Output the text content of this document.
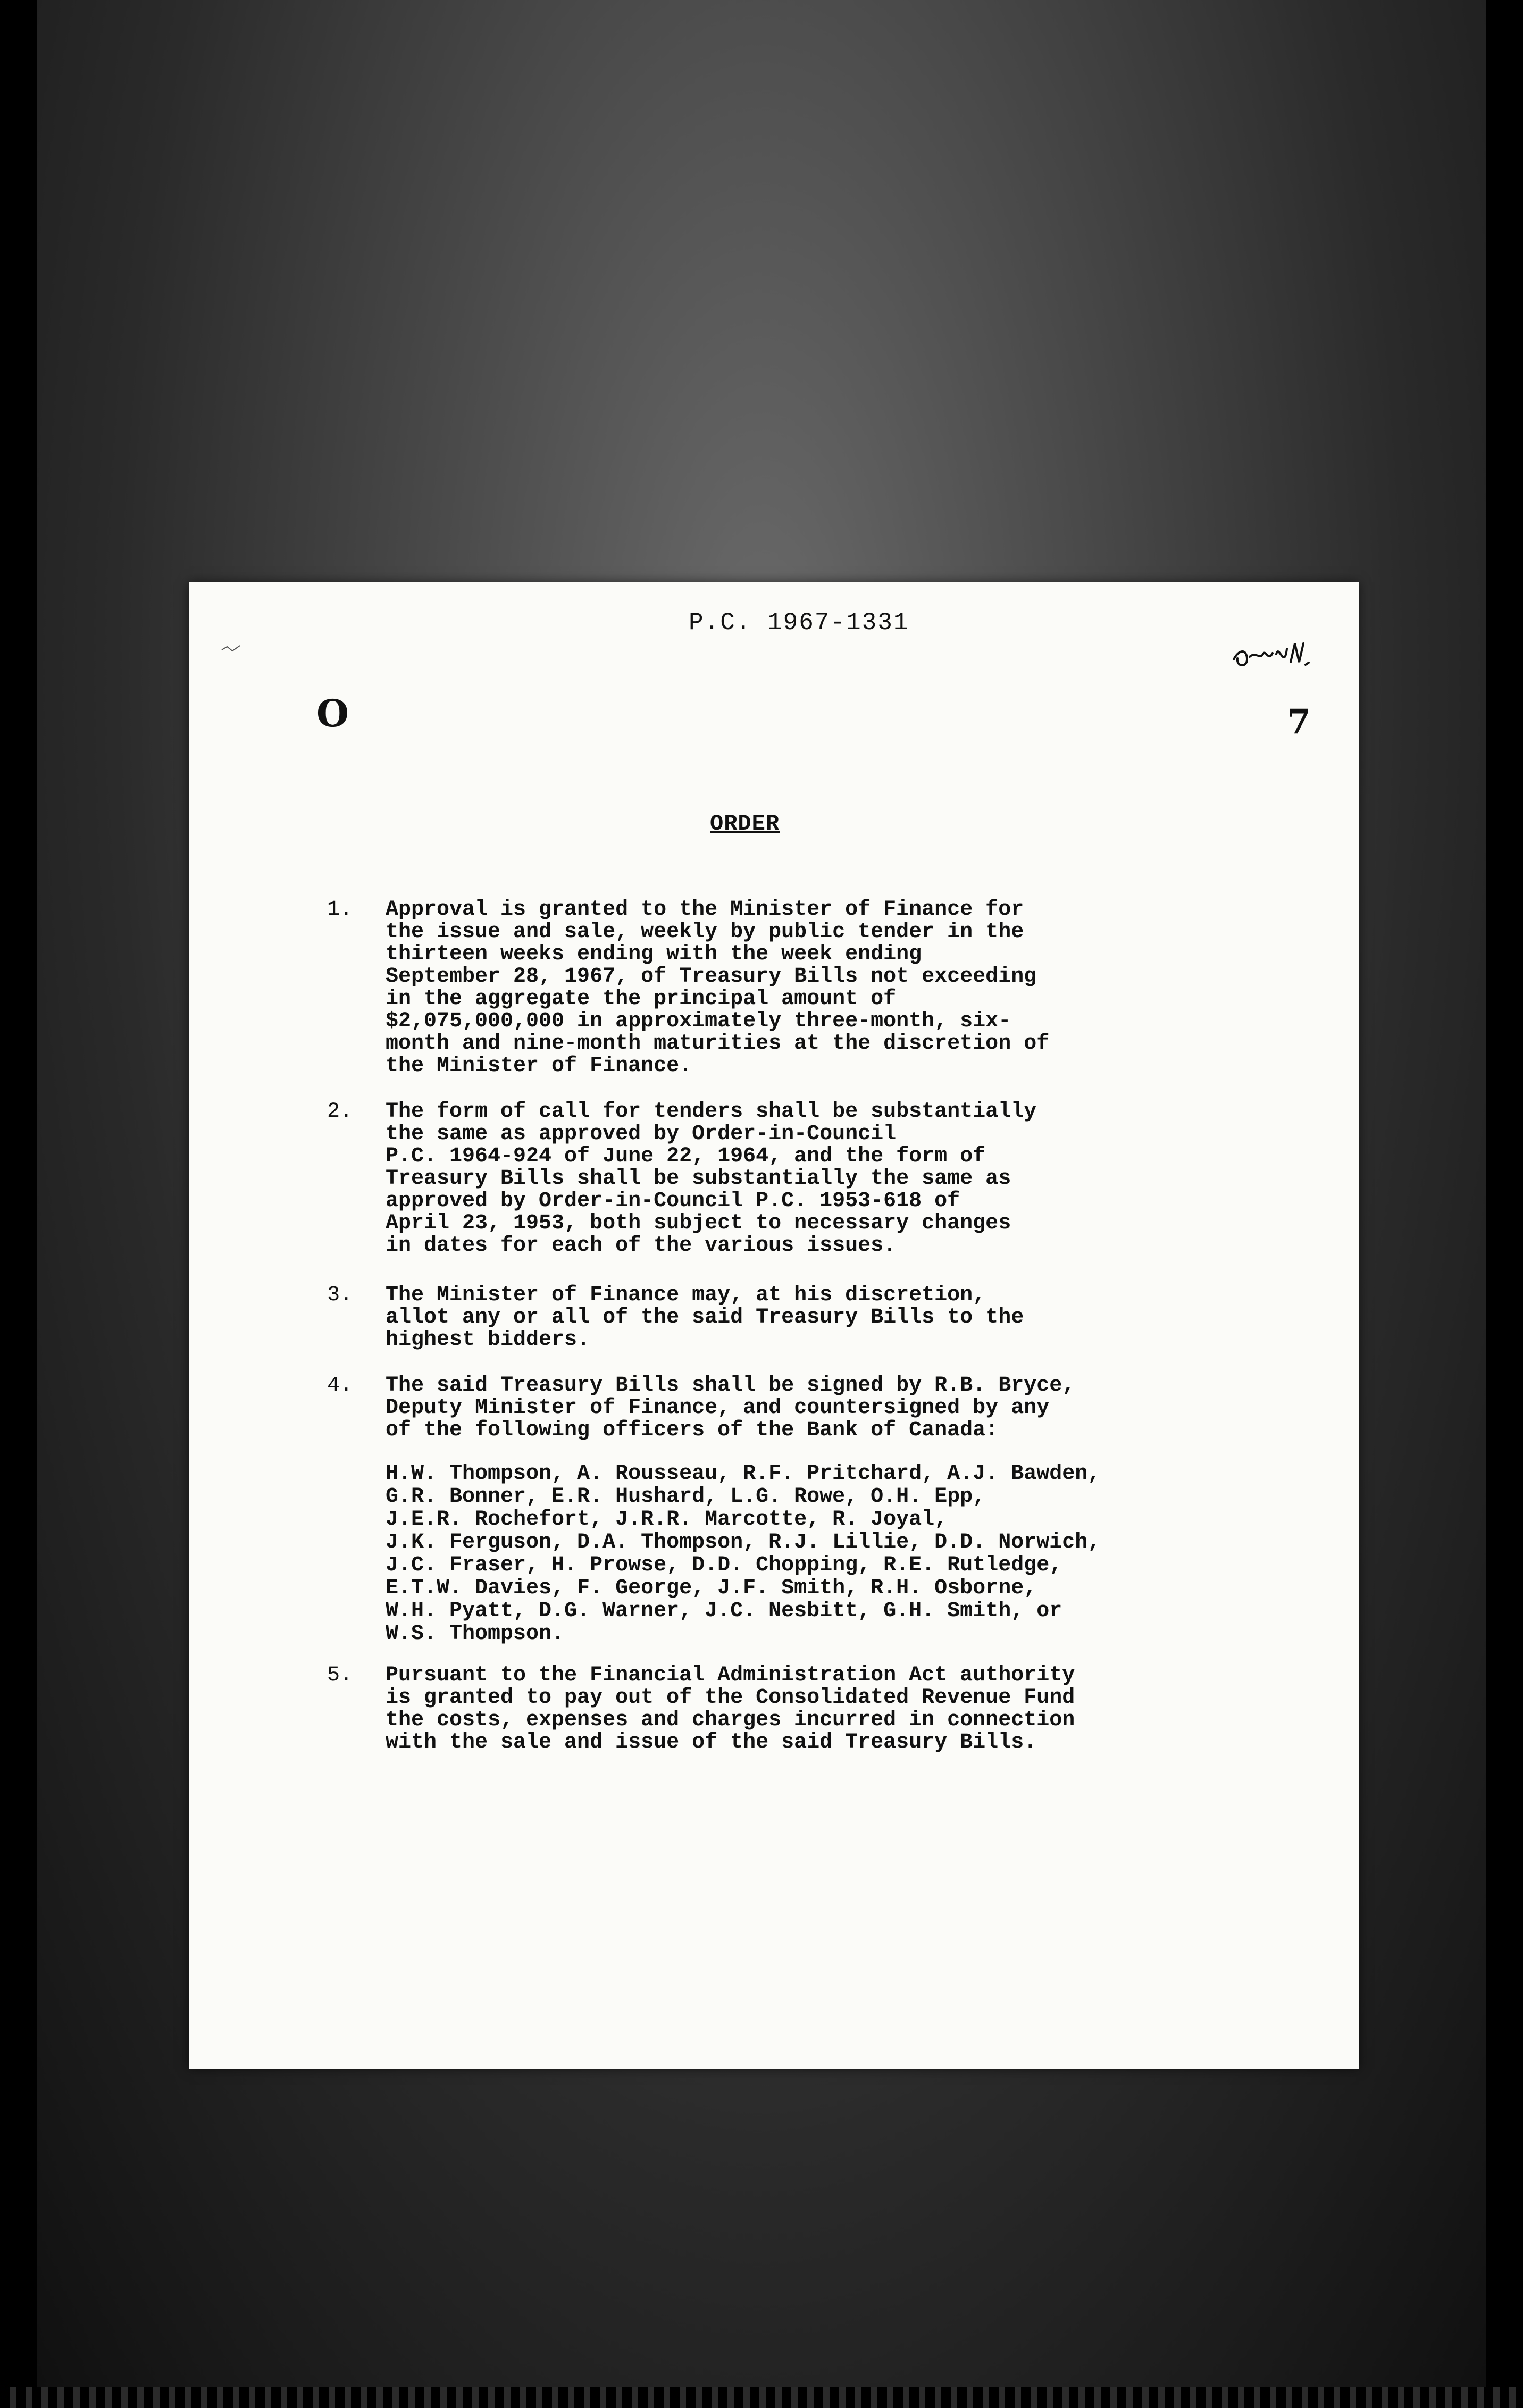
P.C. 1967-1331
O	7
ORDER
1. Approval is granted to the Minister of Finance for
the issue and sale, weekly by public tender in the
thirteen weeks ending with the week ending
September 28, 1967, of Treasury Bills not exceeding
in the aggregate the principal amount of
$2,075,000,000 in approximately three-month, six-
month and nine-month maturities at the discretion of
the Minister of Finance.
2. The form of call for tenders shall be substantially
the same as approved by Order-in-Council
P.C. 1964-924 of June 22, 1964, and the form of
Treasury Bills shall be substantially the same as
approved by Order-in-Council P.C. 1953-618 of
April 23, 1953, both subject to necessary changes
in dates for each of the various issues.
3. The Minister of Finance may, at his discretion,
allot any or all of the said Treasury Bills to the
highest bidders.
4. The said Treasury Bills shall be signed by R.B. Bryce,
Deputy Minister of Finance, and countersigned by any
of the following officers of the Bank of Canada:
H.W. Thompson, A. Rousseau, R.F. Pritchard, A.J. Bawden,
G.R. Bonner, E.R. Hushard, L.G. Rowe, O.H. Epp,
J.E.R. Rochefort, J.R.R. Marcotte, R. Joyal,
J.K. Ferguson, D.A. Thompson, R.J. Lillie, D.D. Norwich,
J.C. Fraser, H. Prowse, D.D. Chopping, R.E. Rutledge,
E.T.W. Davies, F. George, J.F. Smith, R.H. Osborne,
W.H. Pyatt, D.G. Warner, J.C. Nesbitt, G.H. Smith, or
W.S. Thompson.
5. Pursuant to the Financial Administration Act authority
is granted to pay out of the Consolidated Revenue Fund
the costs, expenses and charges incurred in connection
with the sale and issue of the said Treasury Bills.
